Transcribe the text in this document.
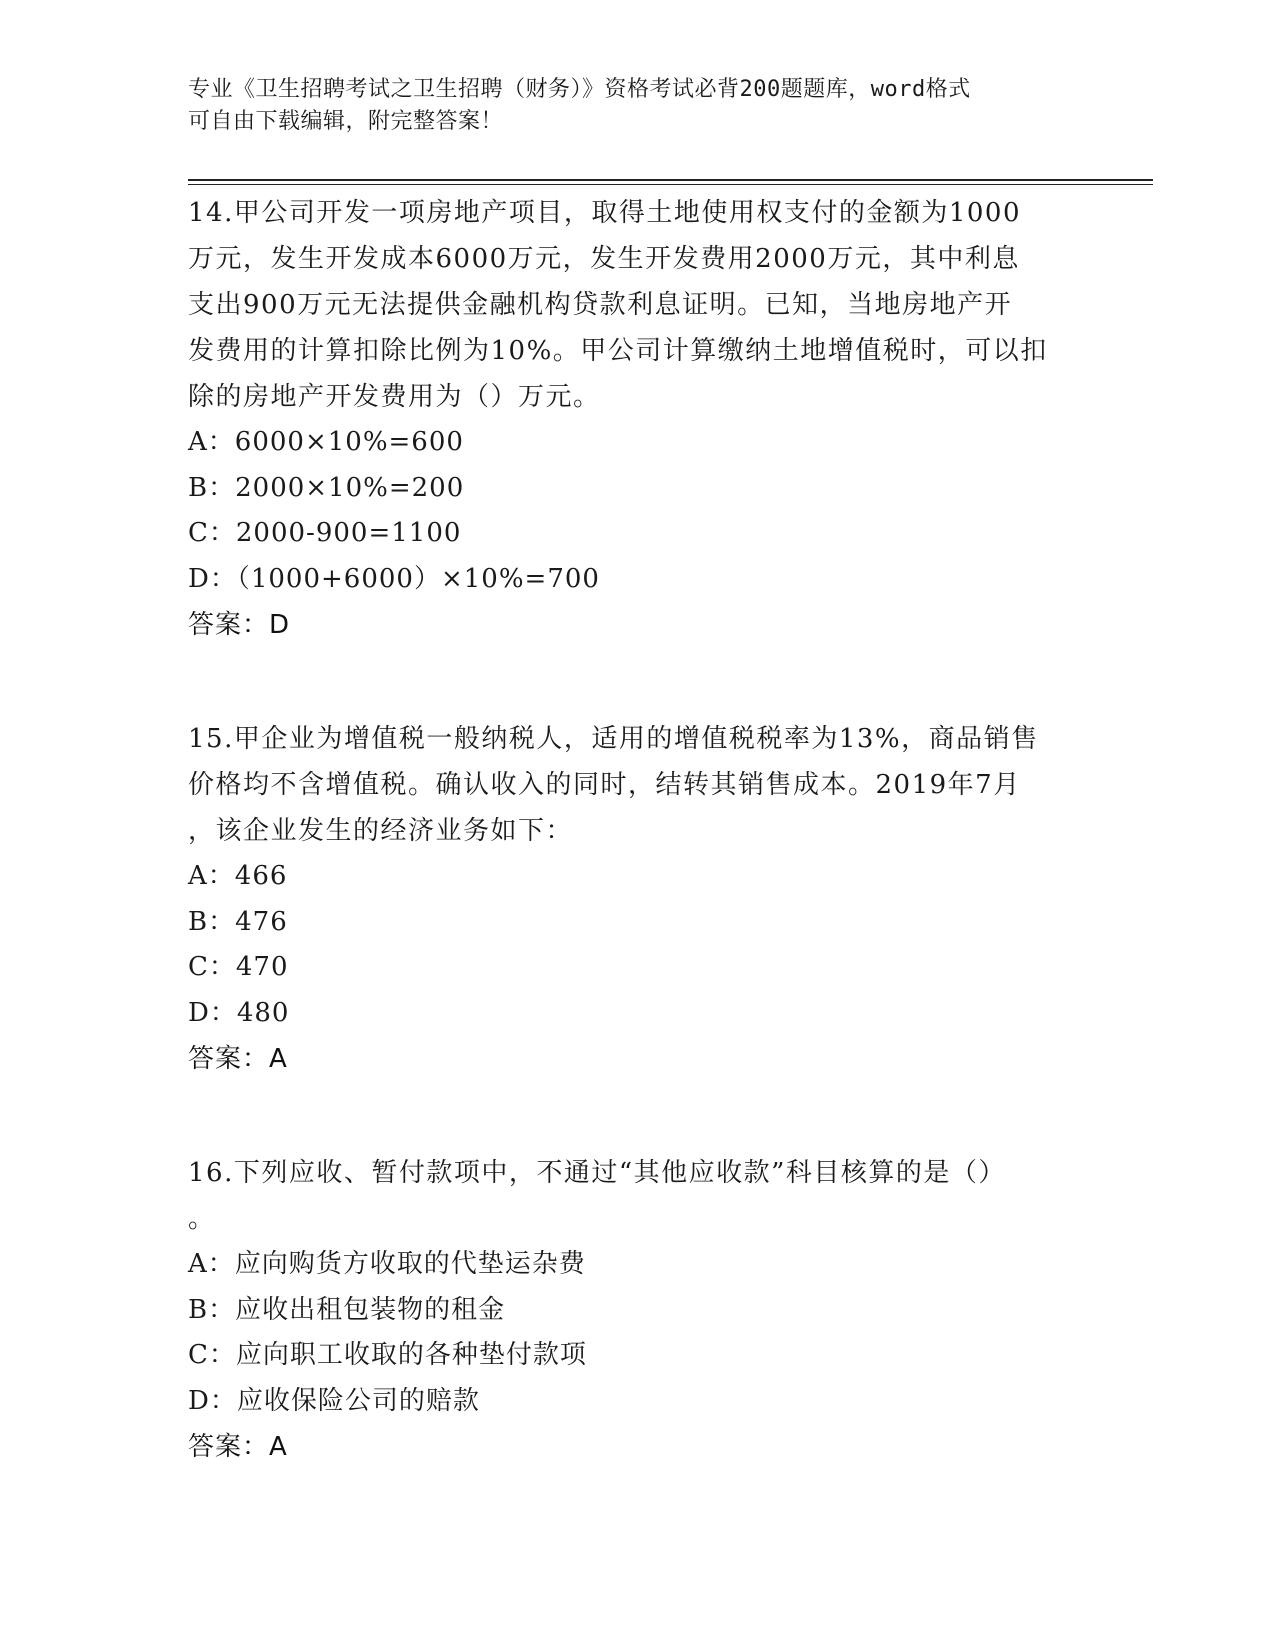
专业《卫生招聘考试之卫生招聘（财务）》资格考试必背200题题库，word格式
可自由下载编辑，附完整答案！
14.甲公司开发一项房地产项目，取得土地使用权支付的金额为1000
万元，发生开发成本6000万元，发生开发费用2000万元，其中利息
支出900万元无法提供金融机构贷款利息证明。已知，当地房地产开
发费用的计算扣除比例为10%。甲公司计算缴纳土地增值税时，可以扣
除的房地产开发费用为（）万元。
A：6000×10%=600
B：2000×10%=200
C：2000-900=1100
D：（1000+6000）×10%=700
答案：D
15.甲企业为增值税一般纳税人，适用的增值税税率为13%，商品销售
价格均不含增值税。确认收入的同时，结转其销售成本。2019年7月
，该企业发生的经济业务如下：
A：466
B：476
C：470
D：480
答案：A
16.下列应收、暂付款项中，不通过“其他应收款”科目核算的是（）
。
A：应向购货方收取的代垫运杂费
B：应收出租包装物的租金
C：应向职工收取的各种垫付款项
D：应收保险公司的赔款
答案：A
